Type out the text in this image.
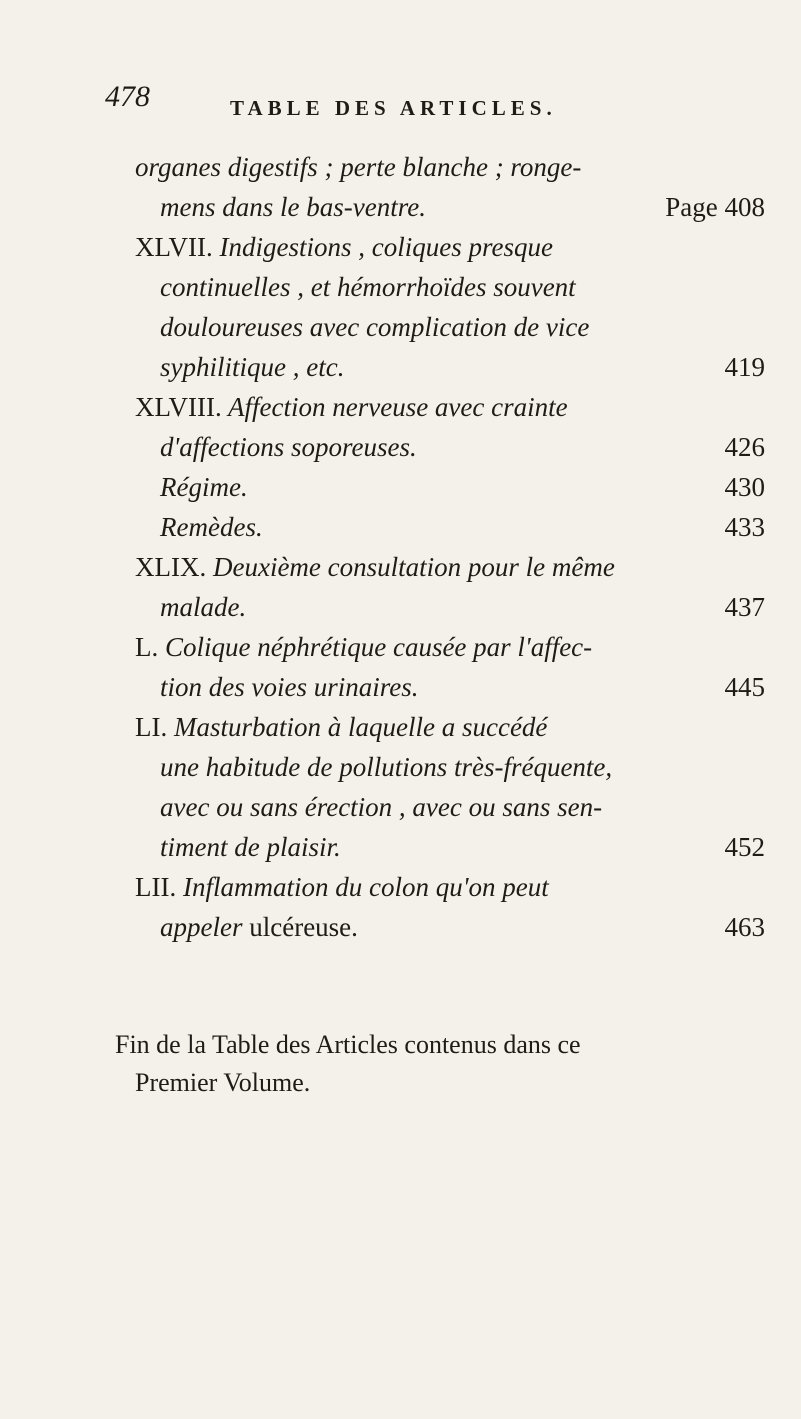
478	TABLE DES ARTICLES.
organes digestifs ; perte blanche ; ronge-
mens dans le bas-ventre.	Page 408
XLVII. Indigestions , coliques presque
continuelles , et hémorrhoïdes souvent
douloureuses avec complication de vice
syphilitique , etc.	419
XLVIII. Affection nerveuse avec crainte
d'affections soporeuses.	426
Régime.	430
Remèdes.	433
XLIX. Deuxième consultation pour le même
malade.	437
L. Colique néphrétique causée par l'affec-
tion des voies urinaires.	445
LI. Masturbation à laquelle a succédé
une habitude de pollutions très-fréquente,
avec ou sans érection , avec ou sans sen-
timent de plaisir.	452
LII. Inflammation du colon qu'on peut
appeler ulcéreuse.	463
Fin de la Table des Articles contenus dans ce
Premier Volume.
